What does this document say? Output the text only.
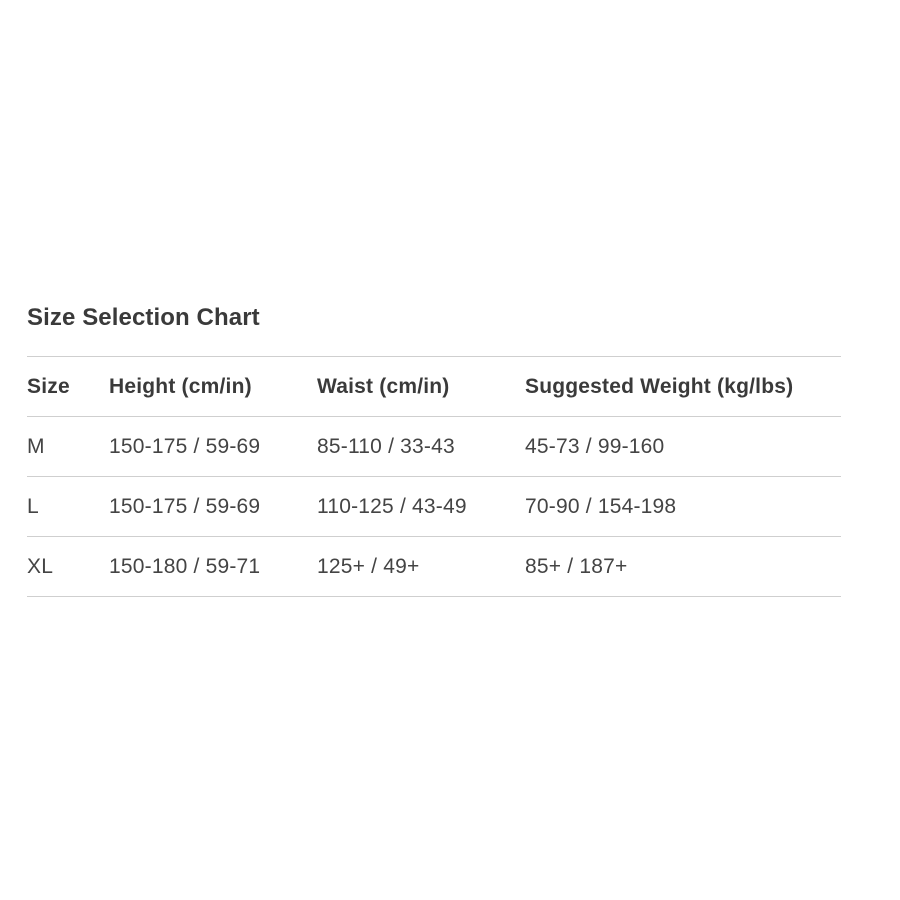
Size Selection Chart
Size	Height (cm/in)	Waist (cm/in)	Suggested Weight (kg/lbs)
M	150-175 / 59-69	85-110 / 33-43	45-73 / 99-160
L	150-175 / 59-69	110-125 / 43-49	70-90 / 154-198
XL	150-180 / 59-71	125+ / 49+	85+ / 187+
